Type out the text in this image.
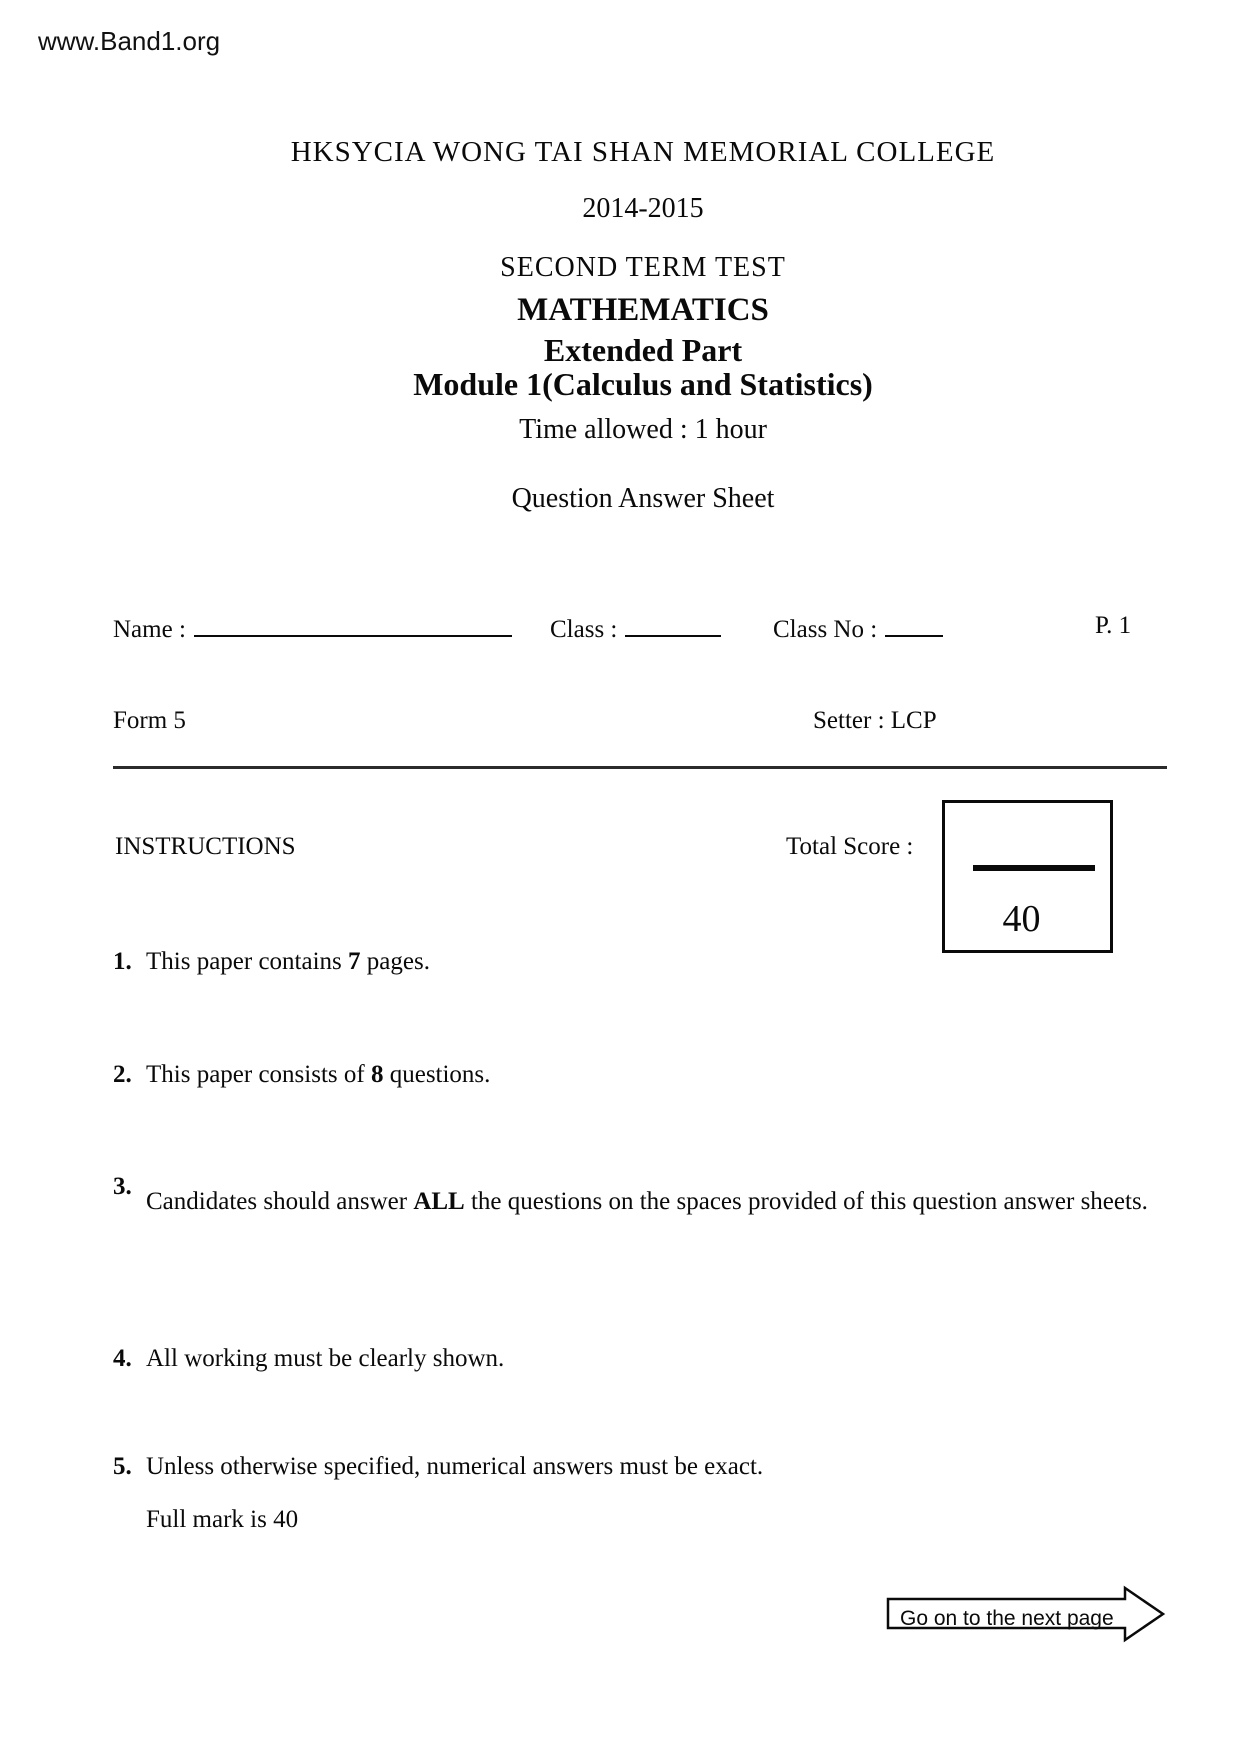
www.Band1.org
HKSYCIA WONG TAI SHAN MEMORIAL COLLEGE
2014-2015
SECOND TERM TEST
MATHEMATICS
Extended Part
Module 1(Calculus and Statistics)
Time allowed : 1 hour
Question Answer Sheet
Name :	Class :	Class No :	P. 1
Form 5	Setter : LCP
INSTRUCTIONS	Total Score :
40
1. This paper contains 7 pages.
2. This paper consists of 8 questions.
3.
Candidates should answer ALL the questions on the spaces provided of this question answer sheets.
4. All working must be clearly shown.
5. Unless otherwise specified, numerical answers must be exact.
Full mark is 40
Go on to the next page
